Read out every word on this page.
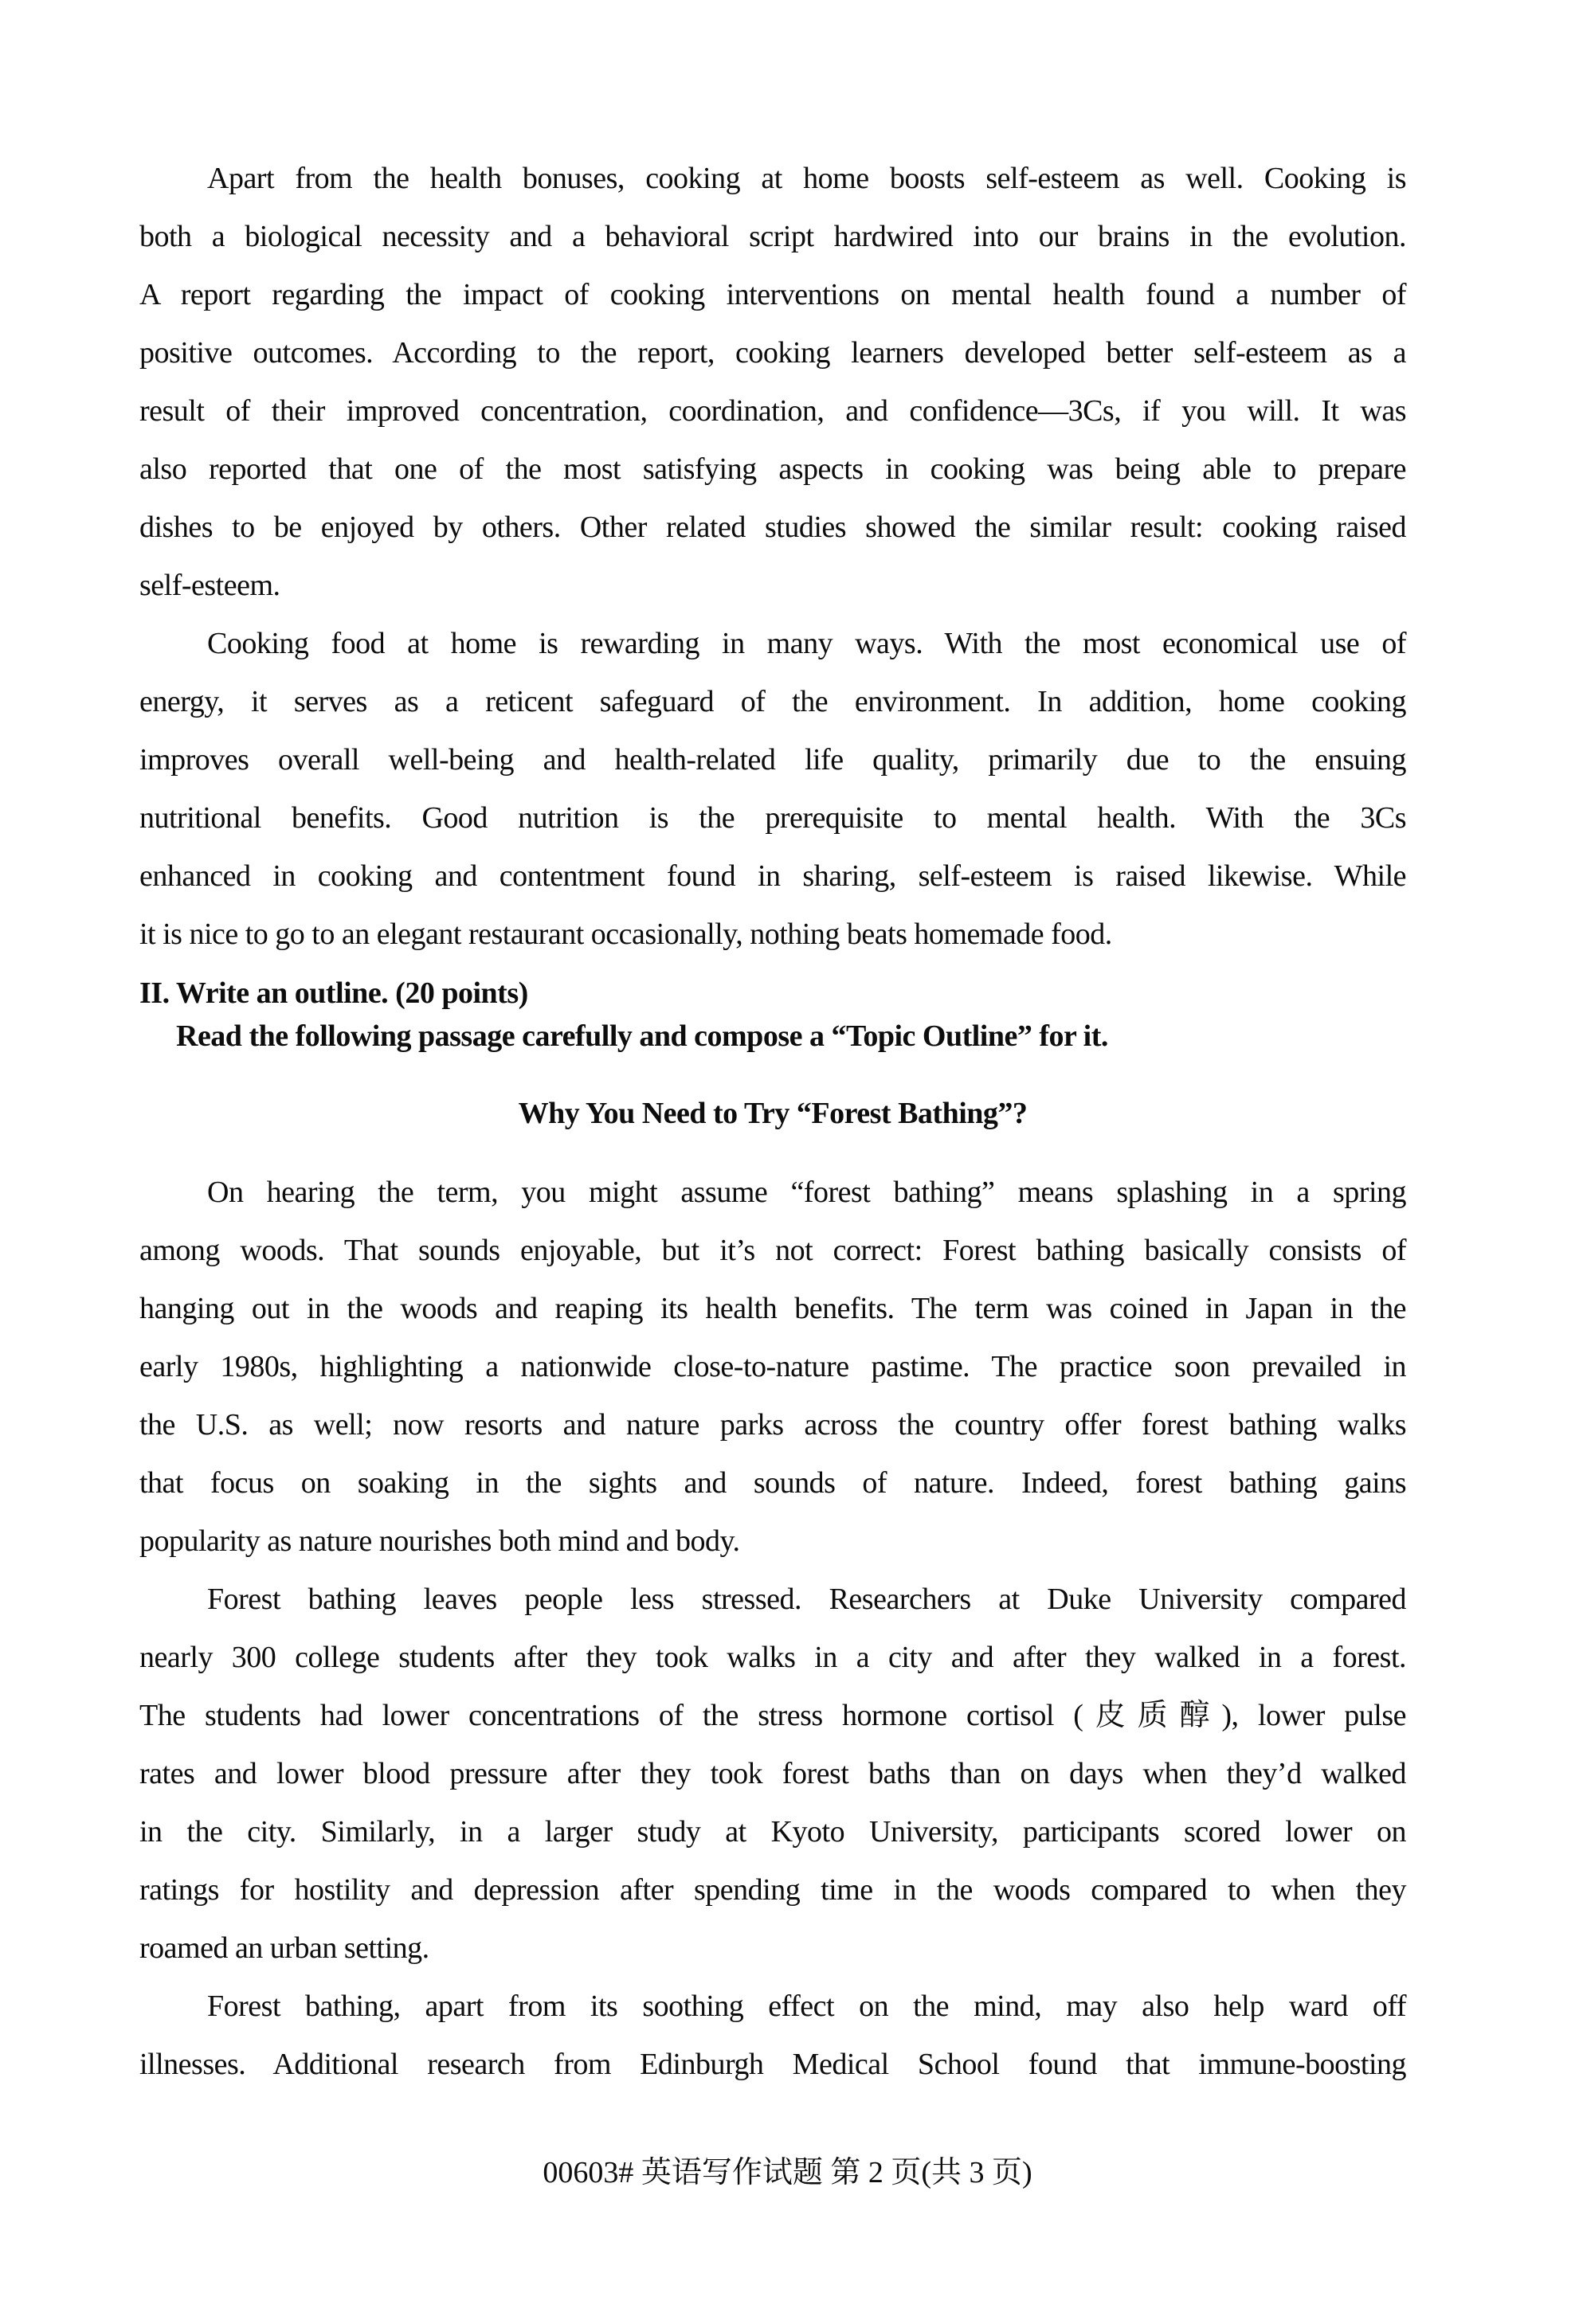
Apart from the health bonuses, cooking at home boosts self-esteem as well. Cooking is
both a biological necessity and a behavioral script hardwired into our brains in the evolution.
A report regarding the impact of cooking interventions on mental health found a number of
positive outcomes. According to the report, cooking learners developed better self-esteem as a
result of their improved concentration, coordination, and confidence—3Cs, if you will. It was
also reported that one of the most satisfying aspects in cooking was being able to prepare
dishes to be enjoyed by others. Other related studies showed the similar result: cooking raised
self-esteem.
Cooking food at home is rewarding in many ways. With the most economical use of
energy, it serves as a reticent safeguard of the environment. In addition, home cooking
improves overall well-being and health-related life quality, primarily due to the ensuing
nutritional benefits. Good nutrition is the prerequisite to mental health. With the 3Cs
enhanced in cooking and contentment found in sharing, self-esteem is raised likewise. While
it is nice to go to an elegant restaurant occasionally, nothing beats homemade food.
II. Write an outline. (20 points)
Read the following passage carefully and compose a “Topic Outline” for it.
Why You Need to Try “Forest Bathing”?
On hearing the term, you might assume “forest bathing” means splashing in a spring
among woods. That sounds enjoyable, but it’s not correct: Forest bathing basically consists of
hanging out in the woods and reaping its health benefits. The term was coined in Japan in the
early 1980s, highlighting a nationwide close-to-nature pastime. The practice soon prevailed in
the U.S. as well; now resorts and nature parks across the country offer forest bathing walks
that focus on soaking in the sights and sounds of nature. Indeed, forest bathing gains
popularity as nature nourishes both mind and body.
Forest bathing leaves people less stressed. Researchers at Duke University compared
nearly 300 college students after they took walks in a city and after they walked in a forest.
The students had lower concentrations of the stress hormone cortisol (皮质醇), lower pulse
rates and lower blood pressure after they took forest baths than on days when they’d walked
in the city. Similarly, in a larger study at Kyoto University, participants scored lower on
ratings for hostility and depression after spending time in the woods compared to when they
roamed an urban setting.
Forest bathing, apart from its soothing effect on the mind, may also help ward off
illnesses. Additional research from Edinburgh Medical School found that immune-boosting
00603# 英语写作试题 第 2 页(共 3 页)
